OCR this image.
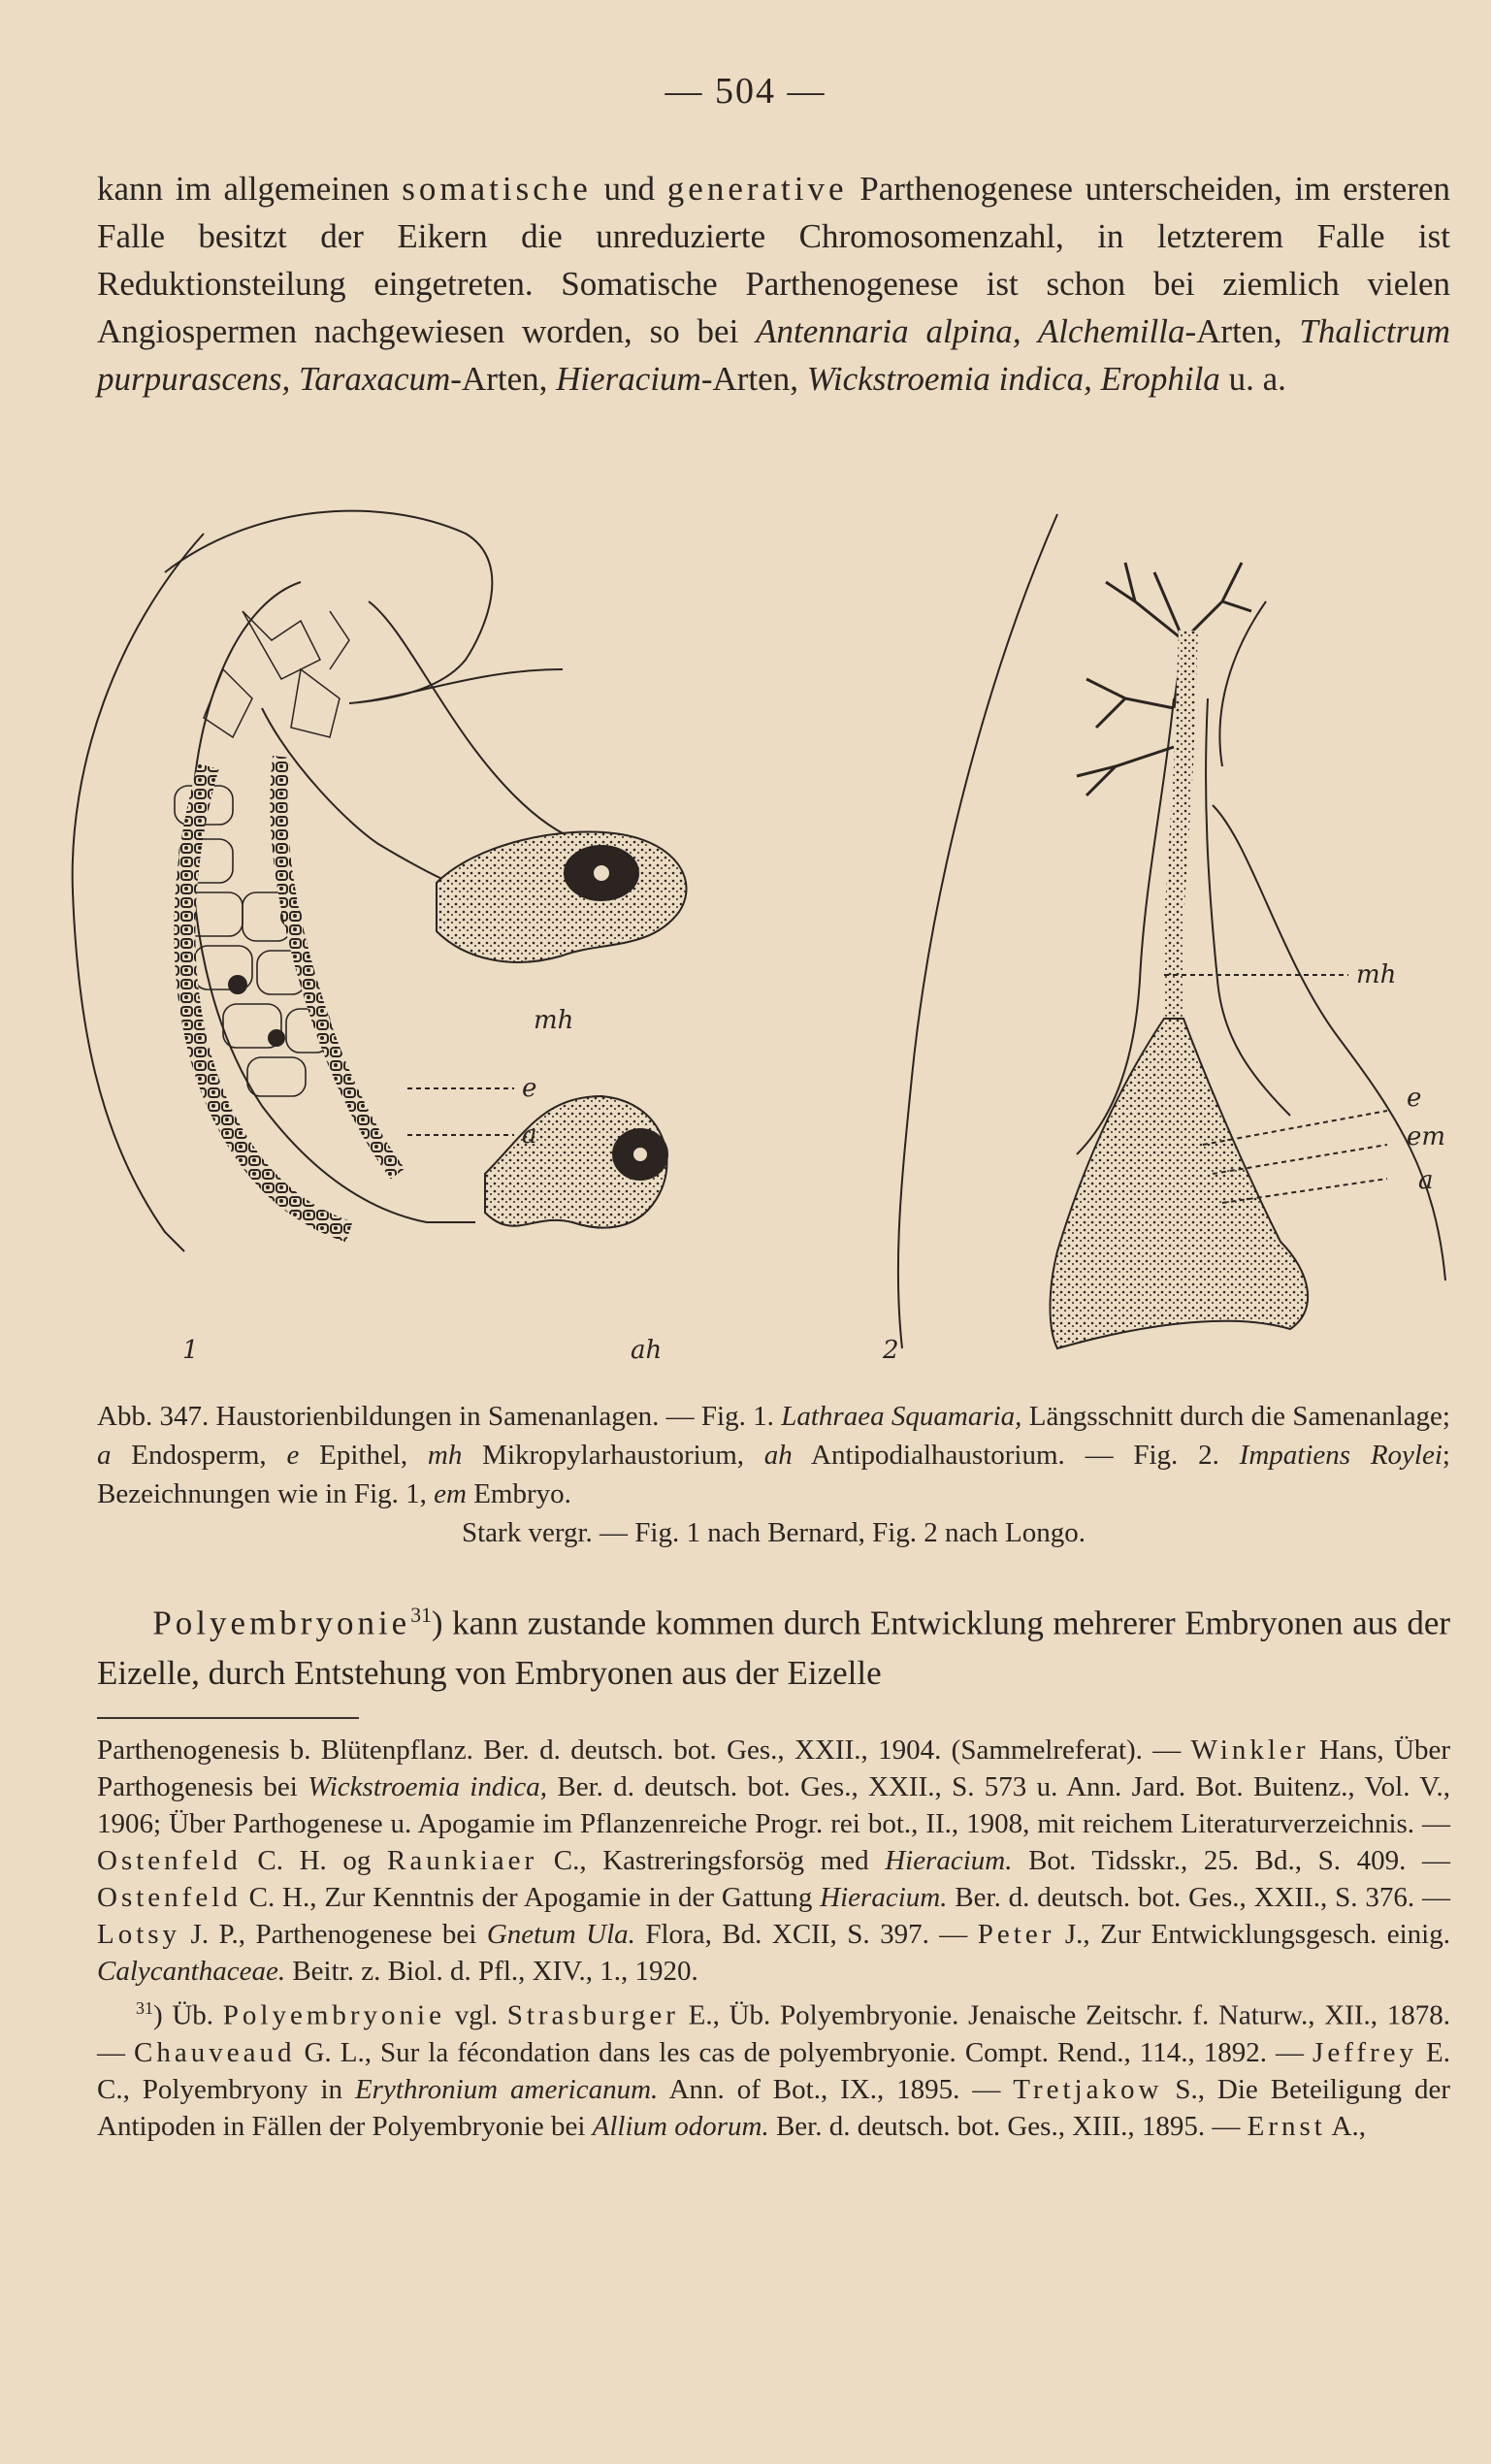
— 504 —

kann im allgemeinen somatische und generative Parthenogenese unterscheiden, im ersteren Falle besitzt der Eikern die unreduzierte Chromosomenzahl, in letzterem Falle ist Reduktionsteilung eingetreten. Somatische Parthenogenese ist schon bei ziemlich vielen Angiospermen nachgewiesen worden, so bei Antennaria alpina, Alchemilla-Arten, Thalictrum purpurascens, Taraxacum-Arten, Hieracium-Arten, Wickstroemia indica, Erophila u. a.

1	2
mh
e
a
ah
mh
e
em
a

Abb. 347. Haustorienbildungen in Samenanlagen. — Fig. 1. Lathraea Squamaria, Längsschnitt durch die Samenanlage; a Endosperm, e Epithel, mh Mikropylarhaustorium, ah Antipodialhaustorium. — Fig. 2. Impatiens Roylei; Bezeichnungen wie in Fig. 1, em Embryo.
Stark vergr. — Fig. 1 nach Bernard, Fig. 2 nach Longo.

Polyembryonie$^{31}$) kann zustande kommen durch Entwicklung mehrerer Embryonen aus der Eizelle, durch Entstehung von Embryonen aus der Eizelle

Parthenogenesis b. Blütenpflanz. Ber. d. deutsch. bot. Ges., XXII., 1904. (Sammelreferat). — Winkler Hans, Über Parthogenesis bei Wickstroemia indica, Ber. d. deutsch. bot. Ges., XXII., S. 573 u. Ann. Jard. Bot. Buitenz., Vol. V., 1906; Über Parthogenese u. Apogamie im Pflanzenreiche Progr. rei bot., II., 1908, mit reichem Literaturverzeichnis. — Ostenfeld C. H. og Raunkiaer C., Kastreringsforsög med Hieracium. Bot. Tidsskr., 25. Bd., S. 409. — Ostenfeld C. H., Zur Kenntnis der Apogamie in der Gattung Hieracium. Ber. d. deutsch. bot. Ges., XXII., S. 376. — Lotsy J. P., Parthenogenese bei Gnetum Ula. Flora, Bd. XCII, S. 397. — Peter J., Zur Entwicklungsgesch. einig. Calycanthaceae. Beitr. z. Biol. d. Pfl., XIV., 1., 1920.

$^{31}$) Üb. Polyembryonie vgl. Strasburger E., Üb. Polyembryonie. Jenaische Zeitschr. f. Naturw., XII., 1878. — Chauveaud G. L., Sur la fécondation dans les cas de polyembryonie. Compt. Rend., 114., 1892. — Jeffrey E. C., Polyembryony in Erythronium americanum. Ann. of Bot., IX., 1895. — Tretjakow S., Die Beteiligung der Antipoden in Fällen der Polyembryonie bei Allium odorum. Ber. d. deutsch. bot. Ges., XIII., 1895. — Ernst A.,
